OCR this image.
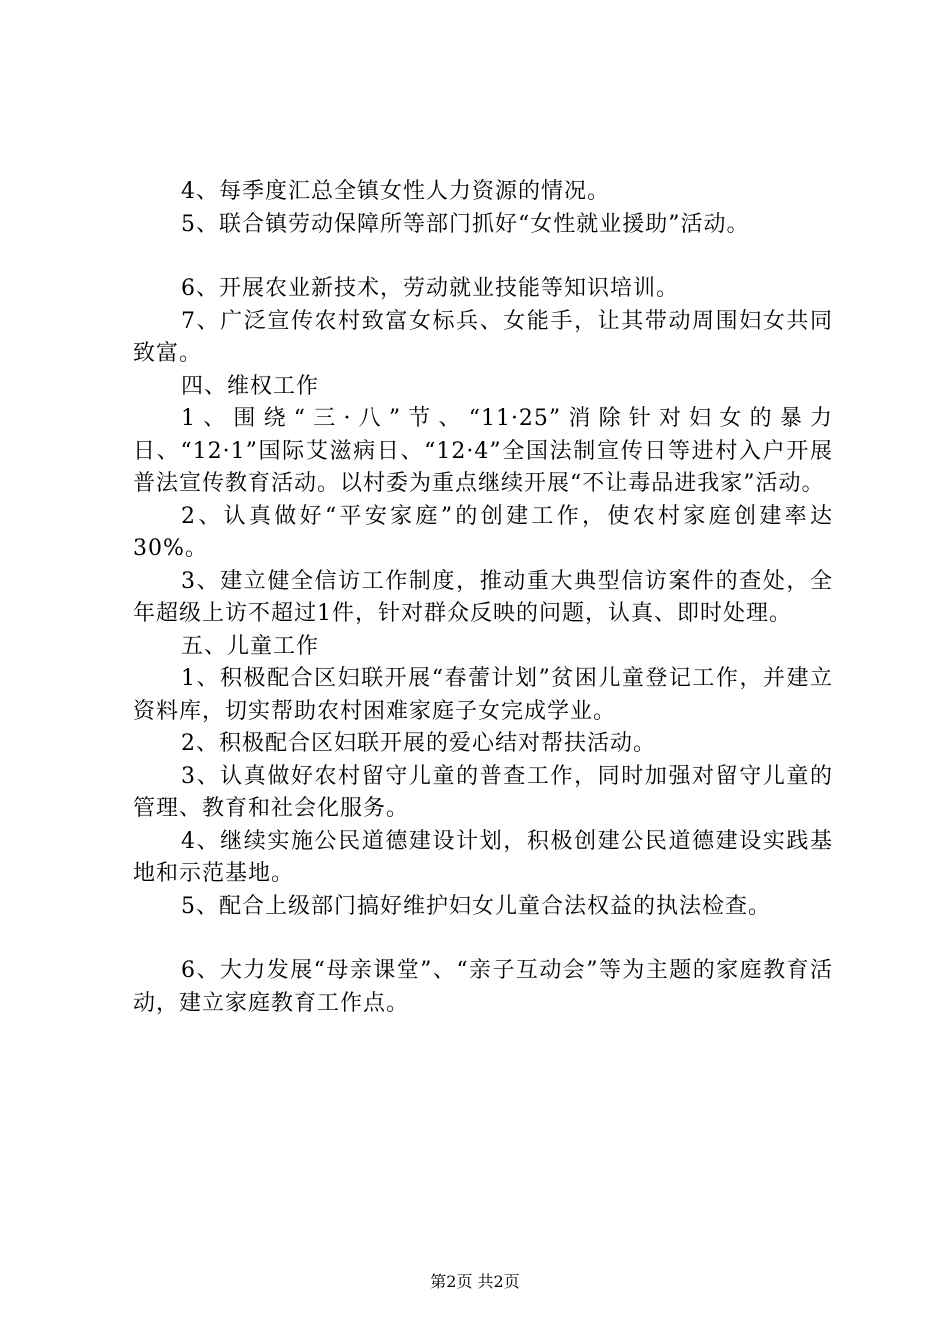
4、每季度汇总全镇女性人力资源的情况。

5、联合镇劳动保障所等部门抓好“女性就业援助”活动。

6、开展农业新技术，劳动就业技能等知识培训。

7、广泛宣传农村致富女标兵、女能手，让其带动周围妇女共同致富。

四、维权工作

1、围绕“三·八”节、“11·25”消除针对妇女的暴力日、“12·1”国际艾滋病日、“12·4”全国法制宣传日等进村入户开展普法宣传教育活动。以村委为重点继续开展“不让毒品进我家”活动。

2、认真做好“平安家庭”的创建工作，使农村家庭创建率达30%。

3、建立健全信访工作制度，推动重大典型信访案件的查处，全年超级上访不超过1件，针对群众反映的问题，认真、即时处理。

五、儿童工作

1、积极配合区妇联开展“春蕾计划”贫困儿童登记工作，并建立资料库，切实帮助农村困难家庭子女完成学业。

2、积极配合区妇联开展的爱心结对帮扶活动。

3、认真做好农村留守儿童的普查工作，同时加强对留守儿童的管理、教育和社会化服务。

4、继续实施公民道德建设计划，积极创建公民道德建设实践基地和示范基地。

5、配合上级部门搞好维护妇女儿童合法权益的执法检查。

6、大力发展“母亲课堂”、“亲子互动会”等为主题的家庭教育活动，建立家庭教育工作点。

第2页 共2页
